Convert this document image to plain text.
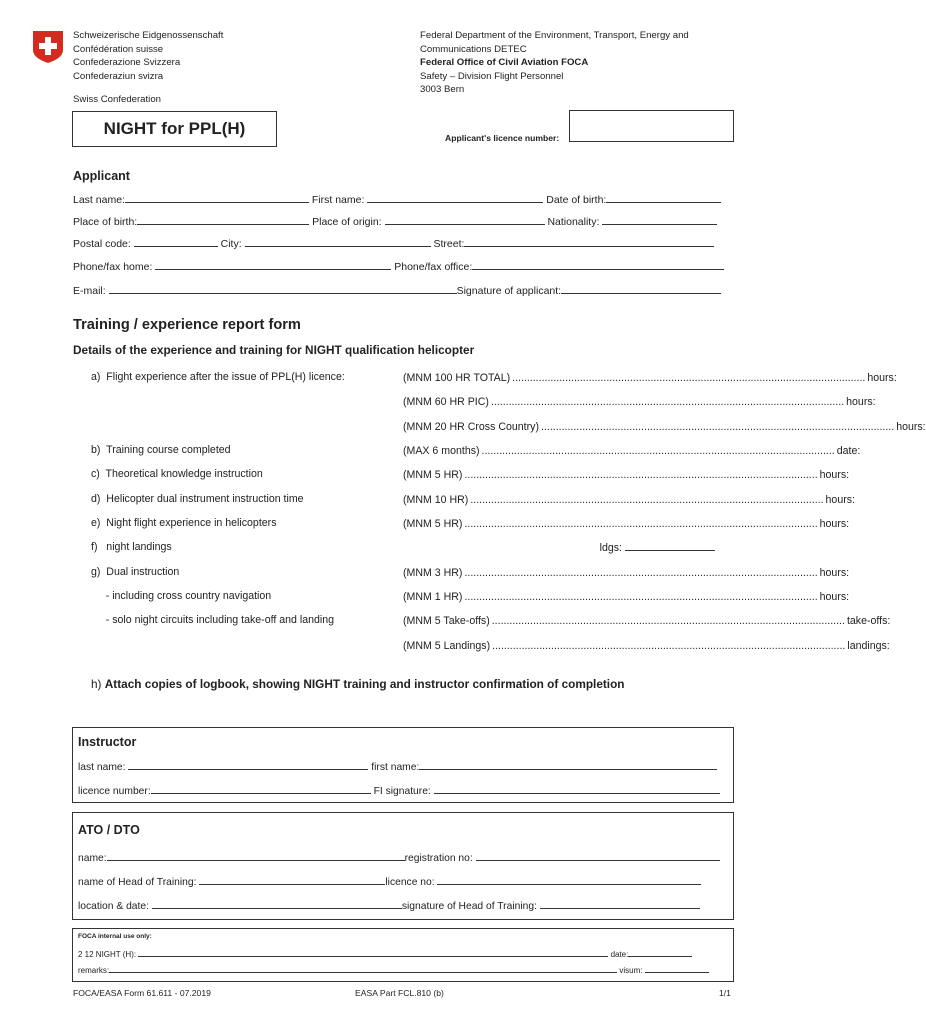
Schweizerische Eidgenossenschaft
Confédération suisse
Confederazione Svizzera
Confederaziun svizra
Swiss Confederation
Federal Department of the Environment, Transport, Energy and
Communications DETEC
Federal Office of Civil Aviation FOCA
Safety – Division Flight Personnel
3003 Bern
NIGHT for PPL(H)	Applicant's licence number:
Applicant
Last name:	First name:	Date of birth:
Place of birth:	Place of origin:	Nationality:
Postal code:	City:	Street:
Phone/fax home:	Phone/fax office:
E-mail:	Signature of applicant:
Training / experience report form
Details of the experience and training for NIGHT qualification helicopter
a)  Flight experience after the issue of PPL(H) licence:	(MNM 100 HR TOTAL) ........................................................................................................................ hours:
(MNM 60 HR PIC) ........................................................................................................................ hours:
(MNM 20 HR Cross Country) ........................................................................................................................ hours:
b)  Training course completed	(MAX 6 months) ........................................................................................................................ date:
c)  Theoretical knowledge instruction	(MNM 5 HR) ........................................................................................................................ hours:
d)  Helicopter dual instrument instruction time	(MNM 10 HR) ........................................................................................................................ hours:
e)  Night flight experience in helicopters	(MNM 5 HR) ........................................................................................................................ hours:
f)   night landings	ldgs:
g)  Dual instruction	(MNM 3 HR) ........................................................................................................................ hours:
- including cross country navigation	(MNM 1 HR) ........................................................................................................................ hours:
- solo night circuits including take-off and landing	(MNM 5 Take-offs) ........................................................................................................................ take-offs:
(MNM 5 Landings) ........................................................................................................................ landings:
h) Attach copies of logbook, showing NIGHT training and instructor confirmation of completion
Instructor
last name:	first name:
licence number:	FI signature:
ATO / DTO
name:	registration no:
name of Head of Training:	licence no:
location & date:	signature of Head of Training:
FOCA internal use only:
2 12 NIGHT (H):	date:
remarks:	visum:
FOCA/EASA Form 61.611 - 07.2019	EASA Part FCL.810 (b)	1/1
